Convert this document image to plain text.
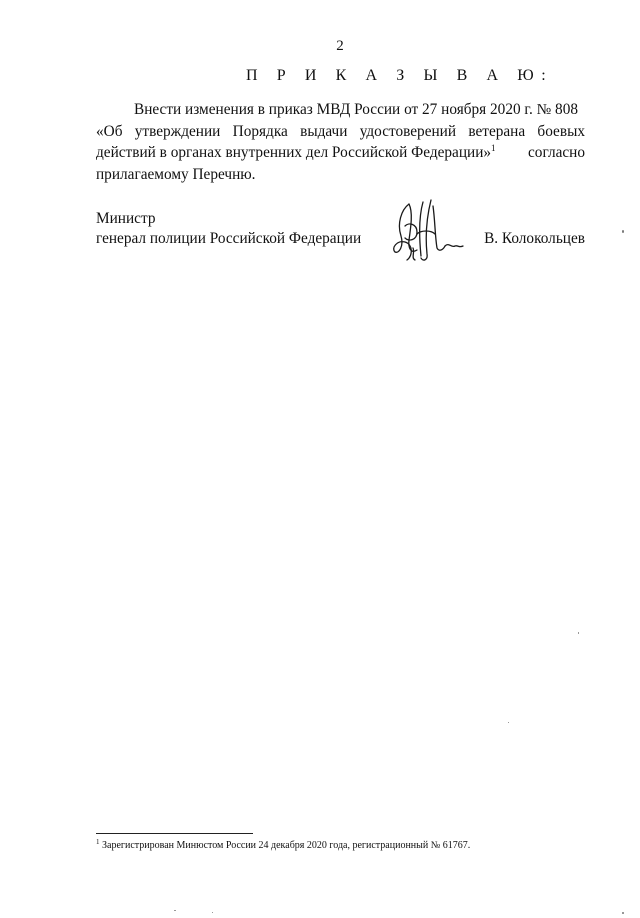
2
П Р И К А З Ы В А Ю:
Внести изменения в приказ МВД России от 27 ноября 2020 г. № 808
«Об утверждении Порядка выдачи удостоверений ветерана боевых
действий в органах внутренних дел Российской Федерации»$^1$ согласно
прилагаемому Перечню.
Министр
генерал полиции Российской Федерации	В. Колокольцев
$^1$ Зарегистрирован Минюстом России 24 декабря 2020 года, регистрационный № 61767.
